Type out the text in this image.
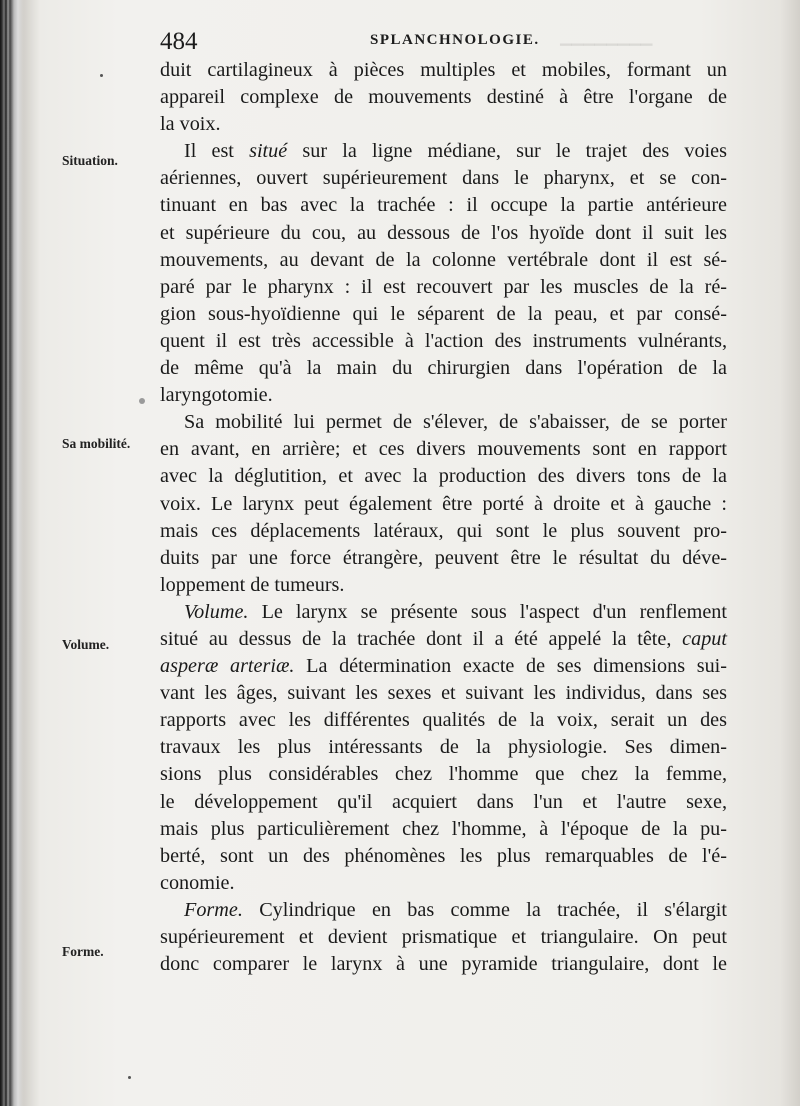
▁▁▁▁▁▁▁▁
484	SPLANCHNOLOGIE.
Situation.
Sa mobilité.
Volume.
Forme.

duit cartilagineux à pièces multiples et mobiles, formant un
appareil complexe de mouvements destiné à être l'organe de
la voix.

Il est situé sur la ligne médiane, sur le trajet des voies
aériennes, ouvert supérieurement dans le pharynx, et se con-
tinuant en bas avec la trachée : il occupe la partie antérieure
et supérieure du cou, au dessous de l'os hyoïde dont il suit les
mouvements, au devant de la colonne vertébrale dont il est sé-
paré par le pharynx : il est recouvert par les muscles de la ré-
gion sous-hyoïdienne qui le séparent de la peau, et par consé-
quent il est très accessible à l'action des instruments vulnérants,
de même qu'à la main du chirurgien dans l'opération de la
laryngotomie.

Sa mobilité lui permet de s'élever, de s'abaisser, de se porter
en avant, en arrière; et ces divers mouvements sont en rapport
avec la déglutition, et avec la production des divers tons de la
voix. Le larynx peut également être porté à droite et à gauche :
mais ces déplacements latéraux, qui sont le plus souvent pro-
duits par une force étrangère, peuvent être le résultat du déve-
loppement de tumeurs.

Volume. Le larynx se présente sous l'aspect d'un renflement
situé au dessus de la trachée dont il a été appelé la tête, caput
asperæ arteriæ. La détermination exacte de ses dimensions sui-
vant les âges, suivant les sexes et suivant les individus, dans ses
rapports avec les différentes qualités de la voix, serait un des
travaux les plus intéressants de la physiologie. Ses dimen-
sions plus considérables chez l'homme que chez la femme,
le développement qu'il acquiert dans l'un et l'autre sexe,
mais plus particulièrement chez l'homme, à l'époque de la pu-
berté, sont un des phénomènes les plus remarquables de l'é-
conomie.

Forme. Cylindrique en bas comme la trachée, il s'élargit
supérieurement et devient prismatique et triangulaire. On peut
donc comparer le larynx à une pyramide triangulaire, dont le
